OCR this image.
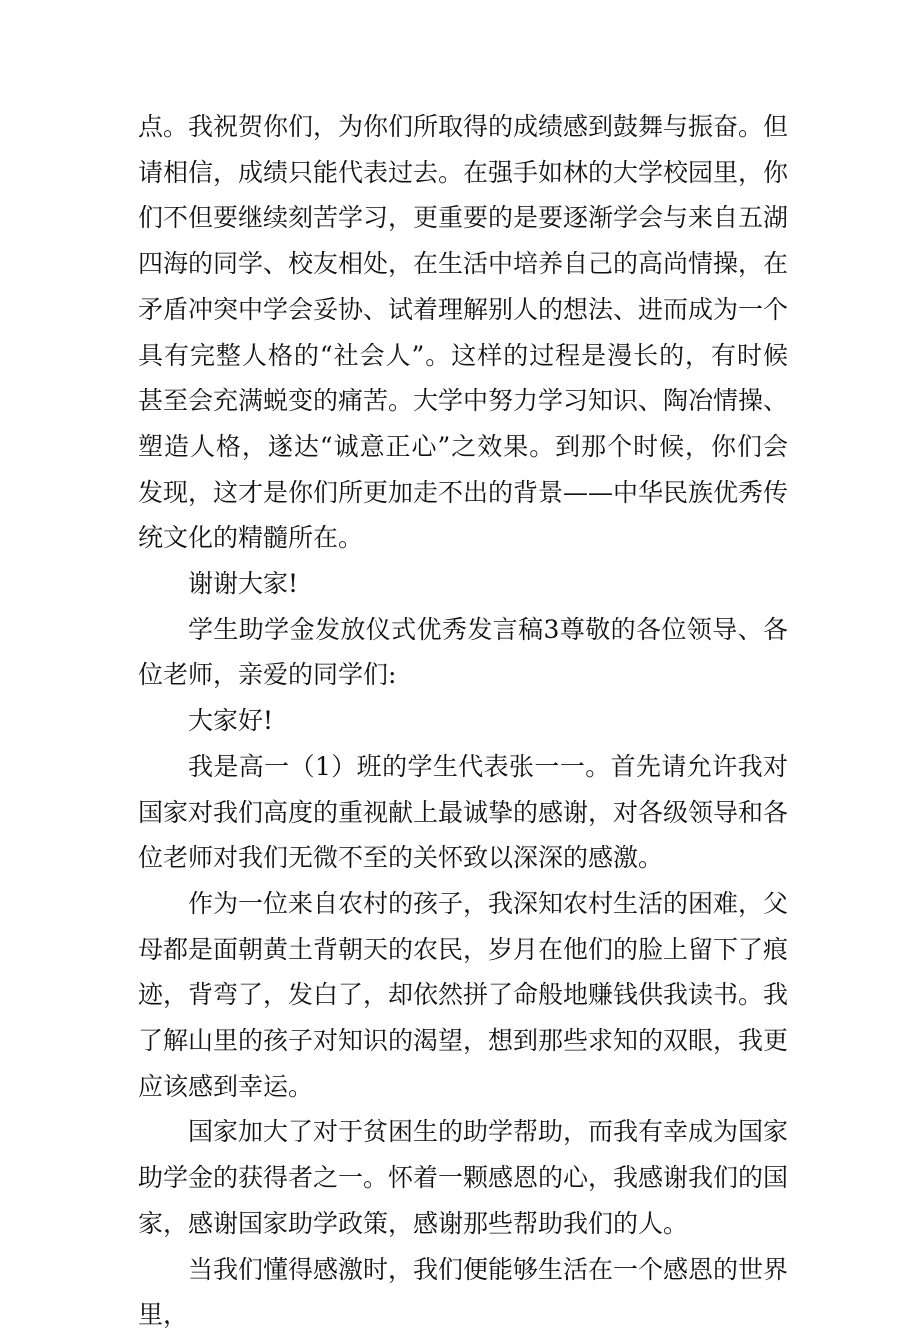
点。我祝贺你们，为你们所取得的成绩感到鼓舞与振奋。但请相信，成绩只能代表过去。在强手如林的大学校园里，你们不但要继续刻苦学习，更重要的是要逐渐学会与来自五湖四海的同学、校友相处，在生活中培养自己的高尚情操，在矛盾冲突中学会妥协、试着理解别人的想法、进而成为一个具有完整人格的“社会人”。这样的过程是漫长的，有时候甚至会充满蜕变的痛苦。大学中努力学习知识、陶冶情操、塑造人格，遂达“诚意正心”之效果。到那个时候，你们会发现，这才是你们所更加走不出的背景——中华民族优秀传统文化的精髓所在。

谢谢大家!

学生助学金发放仪式优秀发言稿3尊敬的各位领导、各位老师，亲爱的同学们:

大家好!

我是高一（1）班的学生代表张一一。首先请允许我对国家对我们高度的重视献上最诚挚的感谢，对各级领导和各位老师对我们无微不至的关怀致以深深的感激。

作为一位来自农村的孩子，我深知农村生活的困难，父母都是面朝黄土背朝天的农民，岁月在他们的脸上留下了痕迹，背弯了，发白了，却依然拼了命般地赚钱供我读书。我了解山里的孩子对知识的渴望，想到那些求知的双眼，我更应该感到幸运。

国家加大了对于贫困生的助学帮助，而我有幸成为国家助学金的获得者之一。怀着一颗感恩的心，我感谢我们的国家，感谢国家助学政策，感谢那些帮助我们的人。

当我们懂得感激时，我们便能够生活在一个感恩的世界里，
